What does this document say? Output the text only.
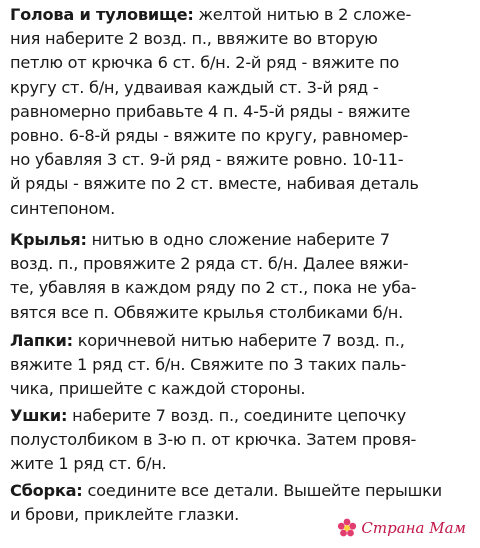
Голова и туловище: желтой нитью в 2 сложе-
ния наберите 2 возд. п., ввяжите во вторую
петлю от крючка 6 ст. б/н. 2-й ряд - вяжите по
кругу ст. б/н, удваивая каждый ст. 3-й ряд -
равномерно прибавьте 4 п. 4-5-й ряды - вяжите
ровно. 6-8-й ряды - вяжите по кругу, равномер-
но убавляя 3 ст. 9-й ряд - вяжите ровно. 10-11-
й ряды - вяжите по 2 ст. вместе, набивая деталь
синтепоном.
Крылья: нитью в одно сложение наберите 7
возд. п., провяжите 2 ряда ст. б/н. Далее вяжи-
те, убавляя в каждом ряду по 2 ст., пока не уба-
вятся все п. Обвяжите крылья столбиками б/н.
Лапки: коричневой нитью наберите 7 возд. п.,
вяжите 1 ряд ст. б/н. Свяжите по 3 таких паль-
чика, пришейте с каждой стороны.
Ушки: наберите 7 возд. п., соедините цепочку
полустолбиком в 3-ю п. от крючка. Затем провя-
жите 1 ряд ст. б/н.
Сборка: соедините все детали. Вышейте перышки
и брови, приклейте глазки.
Страна Мам
